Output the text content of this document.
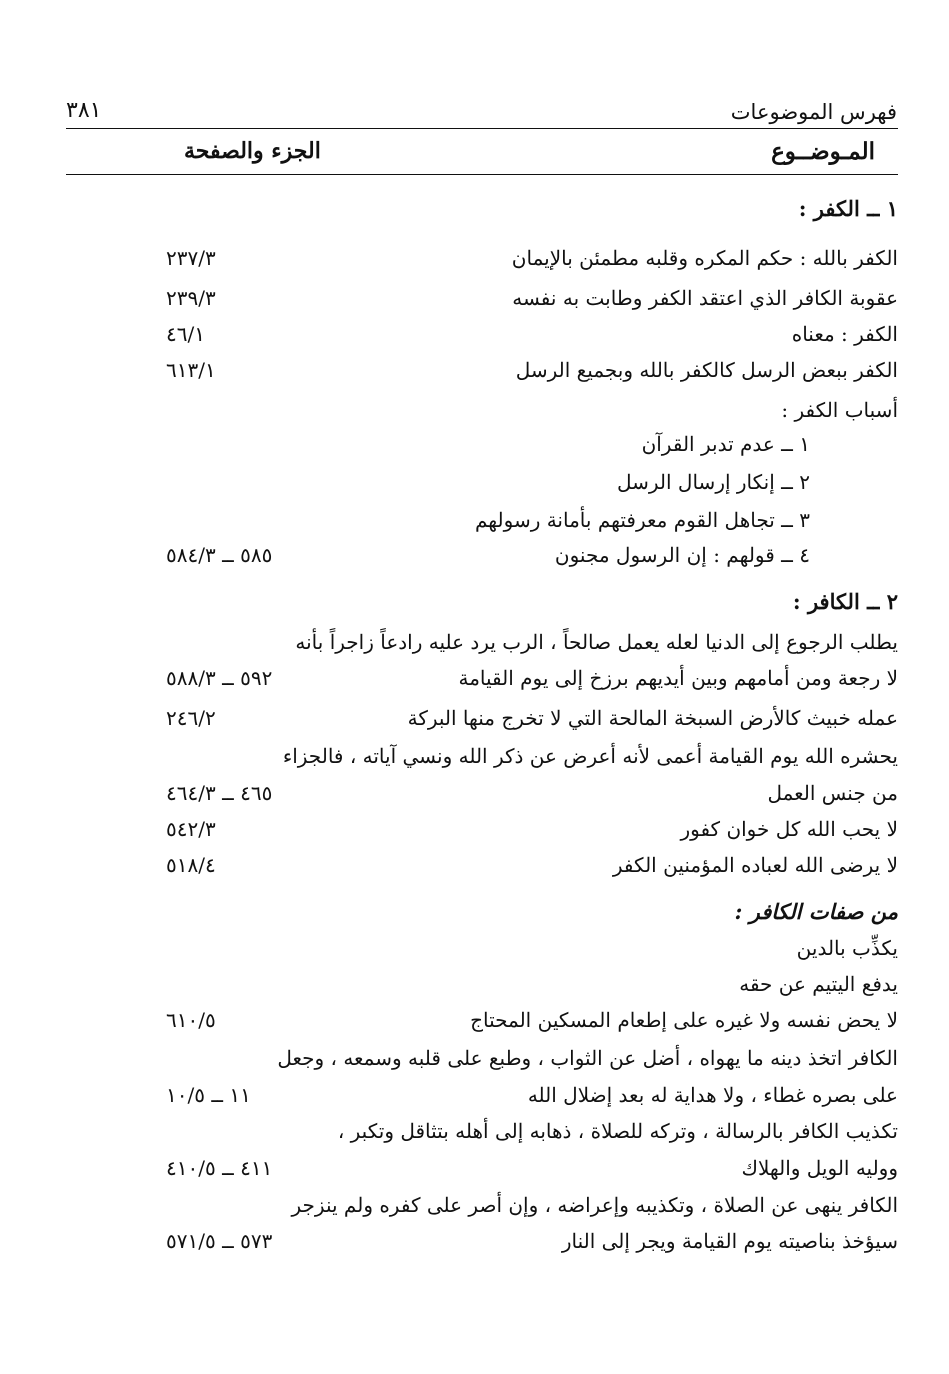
فهرس الموضوعات
٣٨١
المـوضــوع
الجزء والصفحة
١ ــ الكفر :
الكفر بالله : حكم المكره وقلبه مطمئن بالإيمان
٢٣٧/٣
عقوبة الكافر الذي اعتقد الكفر وطابت به نفسه
٢٣٩/٣
الكفر : معناه
٤٦/١
الكفر ببعض الرسل كالكفر بالله وبجميع الرسل
٦١٣/١
أسباب الكفر :
١ ــ عدم تدبر القرآن
٢ ــ إنكار إرسال الرسل
٣ ــ تجاهل القوم معرفتهم بأمانة رسولهم
٤ ــ قولهم : إن الرسول مجنون
٥٨٥ ــ ٥٨٤/٣
٢ ــ الكافر :
يطلب الرجوع إلى الدنيا لعله يعمل صالحاً ، الرب يرد عليه رادعاً زاجراً بأنه
لا رجعة ومن أمامهم وبين أيديهم برزخ إلى يوم القيامة
٥٩٢ ــ ٥٨٨/٣
عمله خبيث كالأرض السبخة المالحة التي لا تخرج منها البركة
٢٤٦/٢
يحشره الله يوم القيامة أعمى لأنه أعرض عن ذكر الله ونسي آياته ، فالجزاء
من جنس العمل
٤٦٥ ــ ٤٦٤/٣
لا يحب الله كل خوان كفور
٥٤٢/٣
لا يرضى الله لعباده المؤمنين الكفر
٥١٨/٤
من صفات الكافر :
يكذِّب بالدين
يدفع اليتيم عن حقه
لا يحض نفسه ولا غيره على إطعام المسكين المحتاج
٦١٠/٥
الكافر اتخذ دينه ما يهواه ، أضل عن الثواب ، وطبع على قلبه وسمعه ، وجعل
على بصره غطاء ، ولا هداية له بعد إضلال الله
١١ ــ ١٠/٥
تكذيب الكافر بالرسالة ، وتركه للصلاة ، ذهابه إلى أهله بتثاقل وتكبر ،
ووليه الويل والهلاك
٤١١ ــ ٤١٠/٥
الكافر ينهى عن الصلاة ، وتكذيبه وإعراضه ، وإن أصر على كفره ولم ينزجر
سيؤخذ بناصيته يوم القيامة ويجر إلى النار
٥٧٣ ــ ٥٧١/٥
